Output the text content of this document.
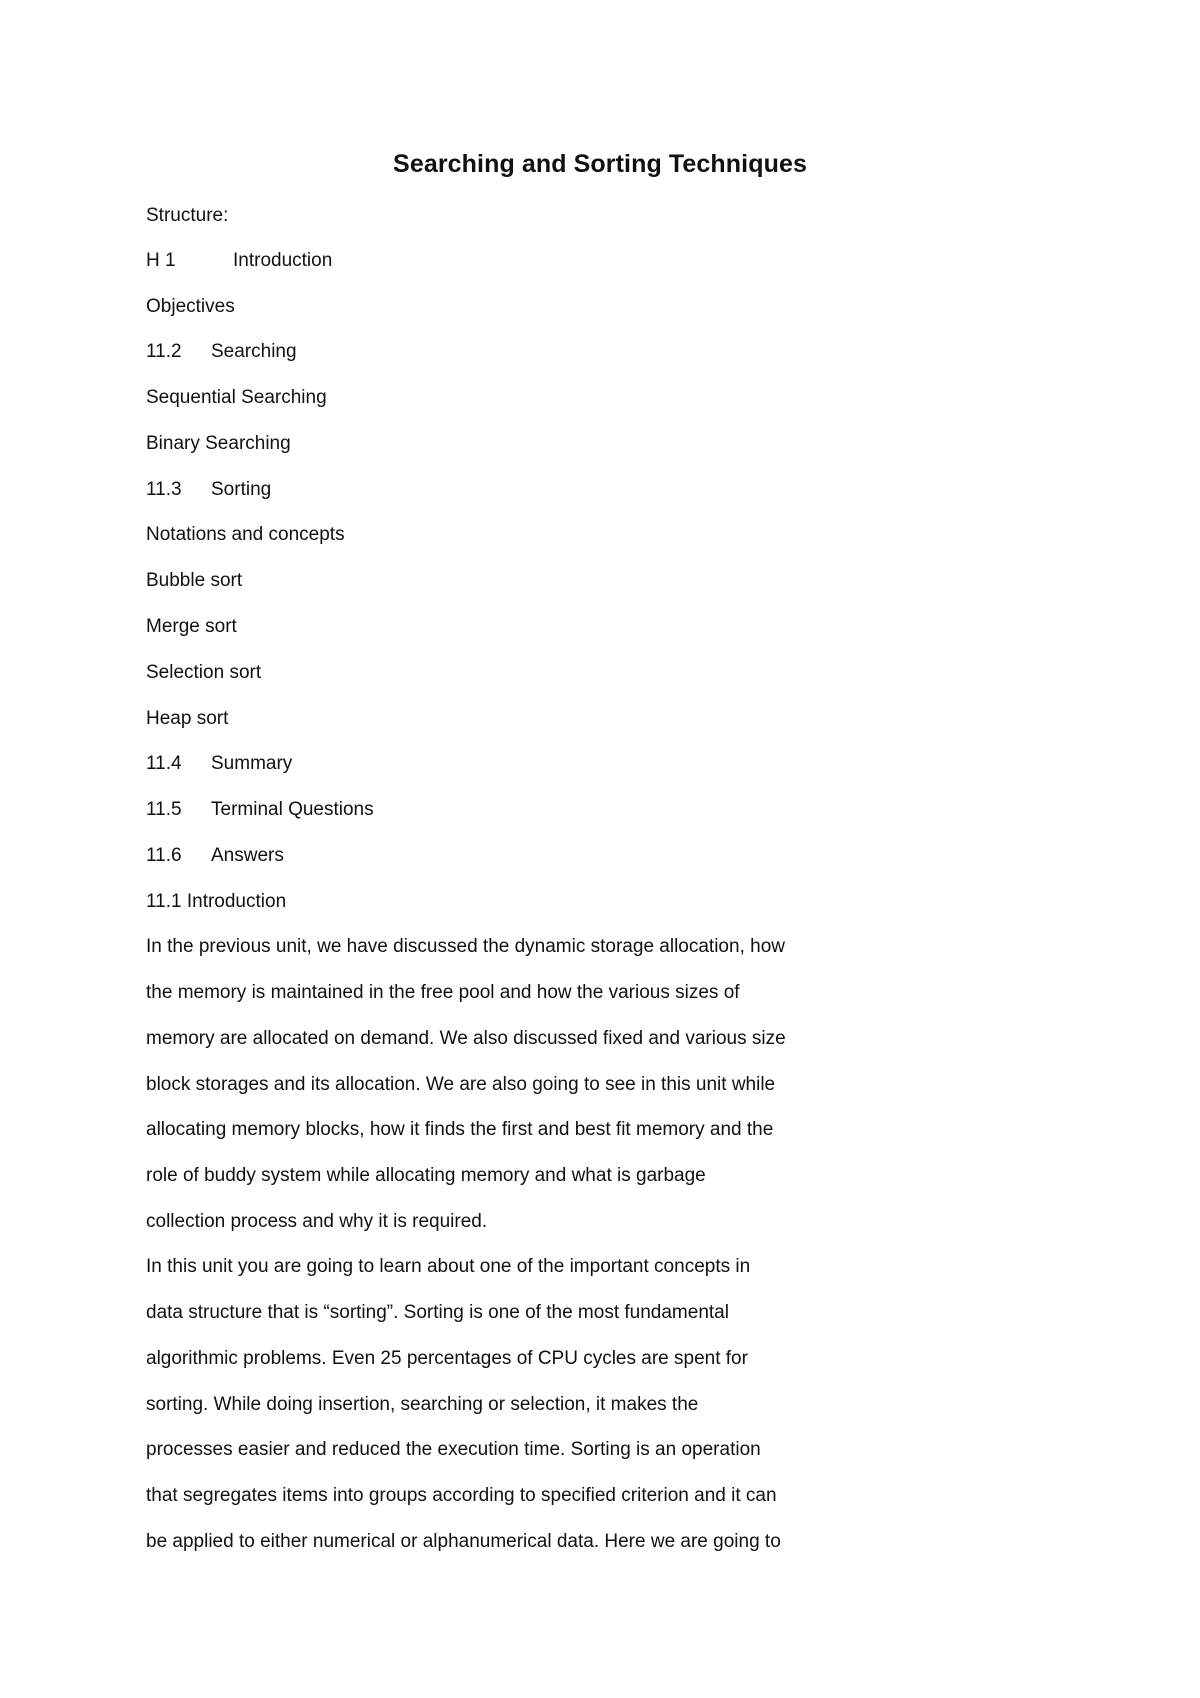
Searching and Sorting Techniques
Structure:
H 1	Introduction
Objectives
11.2 Searching
Sequential Searching
Binary Searching
11.3 Sorting
Notations and concepts
Bubble sort
Merge sort
Selection sort
Heap sort
11.4 Summary
11.5 Terminal Questions
11.6 Answers
11.1 Introduction
In the previous unit, we have discussed the dynamic storage allocation, how
the memory is maintained in the free pool and how the various sizes of
memory are allocated on demand. We also discussed fixed and various size
block storages and its allocation. We are also going to see in this unit while
allocating memory blocks, how it finds the first and best fit memory and the
role of buddy system while allocating memory and what is garbage
collection process and why it is required.
In this unit you are going to learn about one of the important concepts in
data structure that is “sorting”. Sorting is one of the most fundamental
algorithmic problems. Even 25 percentages of CPU cycles are spent for
sorting. While doing insertion, searching or selection, it makes the
processes easier and reduced the execution time. Sorting is an operation
that segregates items into groups according to specified criterion and it can
be applied to either numerical or alphanumerical data. Here we are going to
